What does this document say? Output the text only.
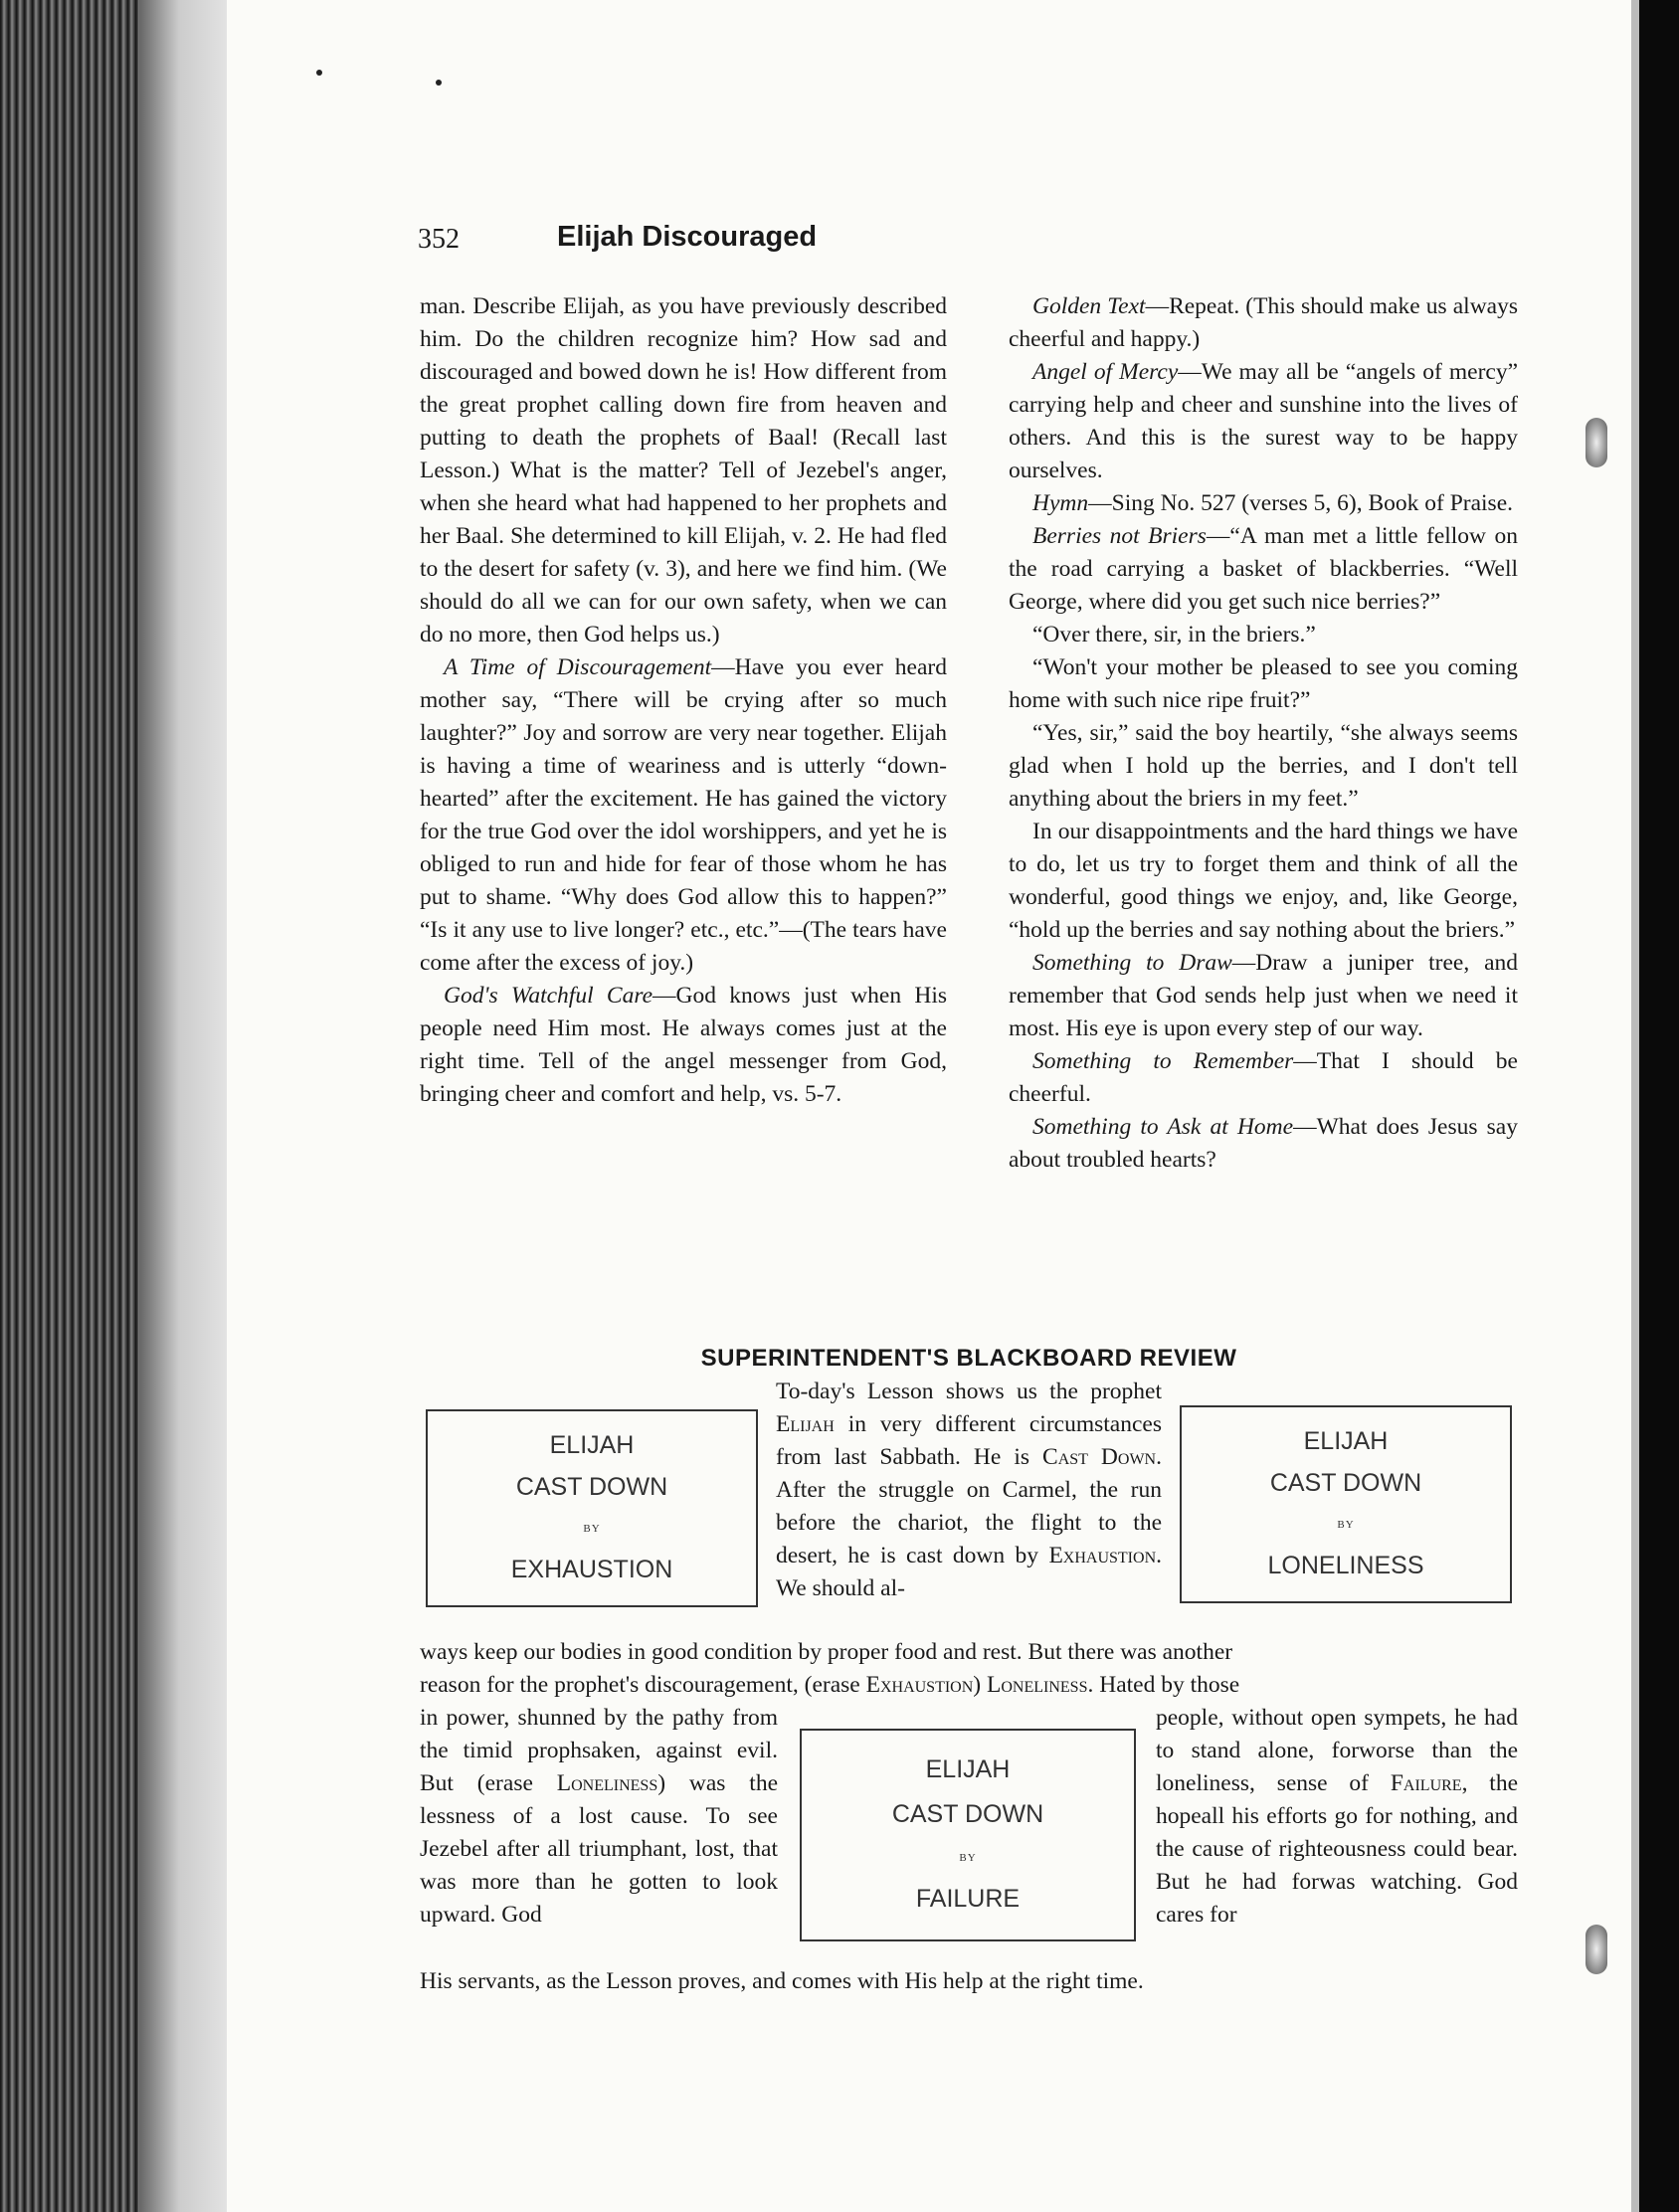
352	Elijah Discouraged

man. Describe Elijah, as you have previously described him. Do the children recognize him? How sad and discouraged and bowed down he is! How different from the great prophet calling down fire from heaven and putting to death the prophets of Baal! (Recall last Lesson.) What is the matter? Tell of Jezebel's anger, when she heard what had happened to her prophets and her Baal. She determined to kill Elijah, v. 2. He had fled to the desert for safety (v. 3), and here we find him. (We should do all we can for our own safety, when we can do no more, then God helps us.)

A Time of Discouragement—Have you ever heard mother say, “There will be crying after so much laughter?” Joy and sorrow are very near together. Elijah is having a time of weariness and is utterly “down-hearted” after the excitement. He has gained the victory for the true God over the idol worshippers, and yet he is obliged to run and hide for fear of those whom he has put to shame. “Why does God allow this to happen?” “Is it any use to live longer? etc., etc.”—(The tears have come after the excess of joy.)

God's Watchful Care—God knows just when His people need Him most. He always comes just at the right time. Tell of the angel messenger from God, bringing cheer and comfort and help, vs. 5-7.

Golden Text—Repeat. (This should make us always cheerful and happy.)

Angel of Mercy—We may all be “angels of mercy” carrying help and cheer and sunshine into the lives of others. And this is the surest way to be happy ourselves.

Hymn—Sing No. 527 (verses 5, 6), Book of Praise.

Berries not Briers—“A man met a little fellow on the road carrying a basket of blackberries. “Well George, where did you get such nice berries?”

“Over there, sir, in the briers.”

“Won't your mother be pleased to see you coming home with such nice ripe fruit?”

“Yes, sir,” said the boy heartily, “she always seems glad when I hold up the berries, and I don't tell anything about the briers in my feet.”

In our disappointments and the hard things we have to do, let us try to forget them and think of all the wonderful, good things we enjoy, and, like George, “hold up the berries and say nothing about the briers.”

Something to Draw—Draw a juniper tree, and remember that God sends help just when we need it most. His eye is upon every step of our way.

Something to Remember—That I should be cheerful.

Something to Ask at Home—What does Jesus say about troubled hearts?

SUPERINTENDENT'S BLACKBOARD REVIEW
ELIJAH
CAST DOWN
BY
EXHAUSTION
ELIJAH
CAST DOWN
BY
LONELINESS
ELIJAH
CAST DOWN
BY
FAILURE
To-day's Lesson shows us the prophet Elijah in very different circumstances from last Sabbath. He is Cast Down. After the struggle on Carmel, the run before the chariot, the flight to the desert, he is cast down by Exhaustion. We should al-
ways keep our bodies in good condition by proper food and rest. But there was another
reason for the prophet's discouragement, (erase Exhaustion) Loneliness. Hated by those
in power, shunned by the pathy from the timid prophsaken, against evil. But (erase Loneliness) was the lessness of a lost cause. To see Jezebel after all triumphant, lost, that was more than he gotten to look upward. God
people, without open sympets, he had to stand alone, forworse than the loneliness, sense of Failure, the hopeall his efforts go for nothing, and the cause of righteousness could bear. But he had forwas watching. God cares for
His servants, as the Lesson proves, and comes with His help at the right time.
